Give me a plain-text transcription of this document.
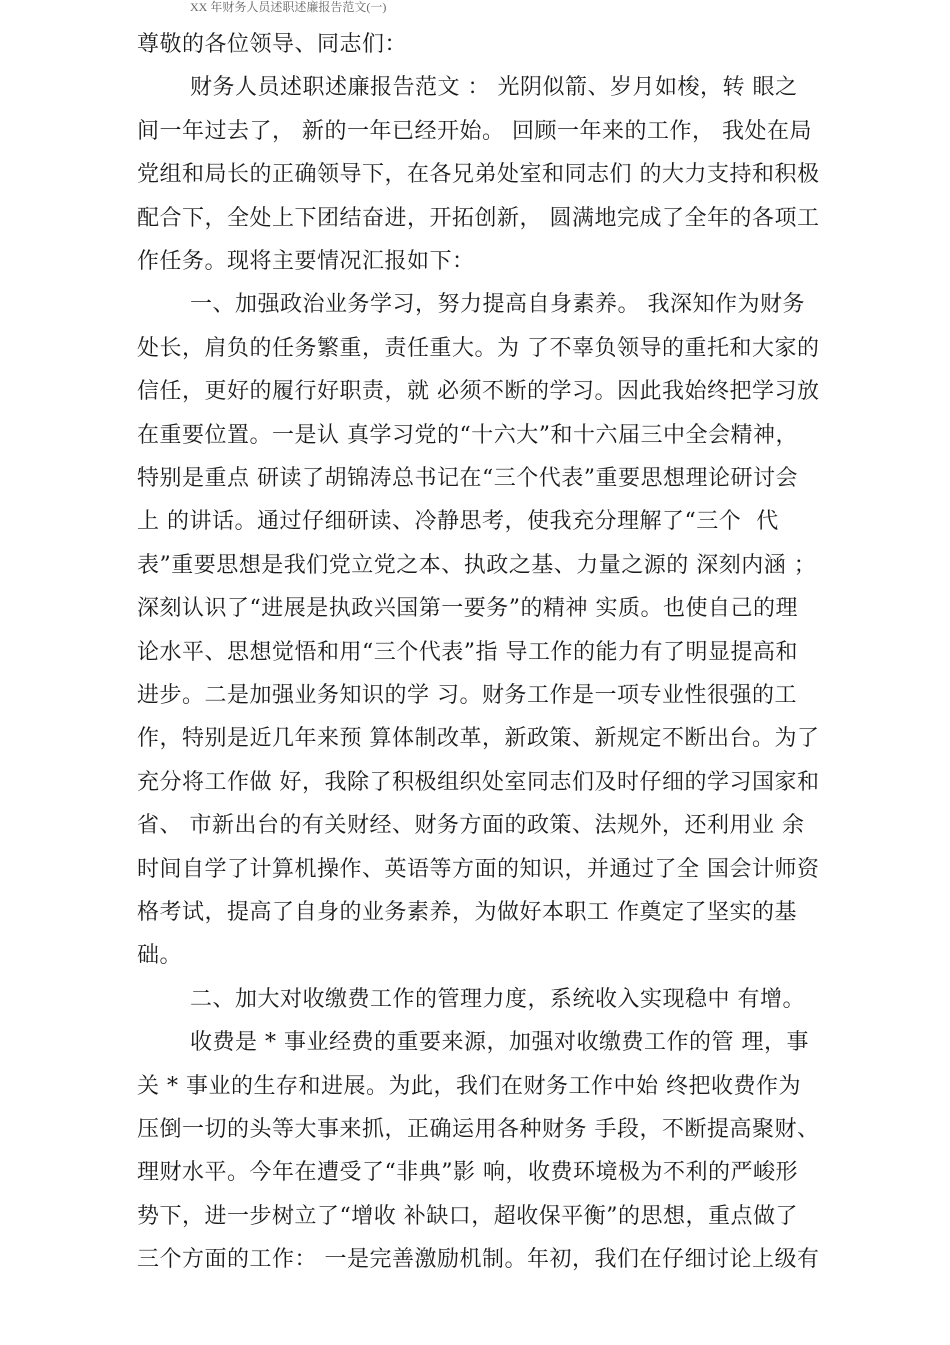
XX 年财务人员述职述廉报告范文(一)
尊敬的各位领导、同志们：
财务人员述职述廉报告范文 ： 光阴似箭、岁月如梭，转 眼之
间一年过去了， 新的一年已经开始。 回顾一年来的工作， 我处在局
党组和局长的正确领导下，在各兄弟处室和同志们 的大力支持和积极
配合下，全处上下团结奋进，开拓创新， 圆满地完成了全年的各项工
作任务。现将主要情况汇报如下：
一、加强政治业务学习，努力提高自身素养。 我深知作为财务
处长，肩负的任务繁重，责任重大。为 了不辜负领导的重托和大家的
信任，更好的履行好职责，就 必须不断的学习。因此我始终把学习放
在重要位置。一是认 真学习党的“十六大”和十六届三中全会精神，
特别是重点 研读了胡锦涛总书记在“三个代表”重要思想理论研讨会
上 的讲话。通过仔细研读、冷静思考，使我充分理解了“三个  代
表”重要思想是我们党立党之本、执政之基、力量之源的 深刻内涵 ；
深刻认识了“进展是执政兴国第一要务”的精神 实质。也使自己的理
论水平、思想觉悟和用“三个代表”指 导工作的能力有了明显提高和
进步。二是加强业务知识的学 习。财务工作是一项专业性很强的工
作，特别是近几年来预 算体制改革，新政策、新规定不断出台。为了
充分将工作做 好，我除了积极组织处室同志们及时仔细的学习国家和
省、 市新出台的有关财经、财务方面的政策、法规外，还利用业 余
时间自学了计算机操作、英语等方面的知识，并通过了全 国会计师资
格考试，提高了自身的业务素养，为做好本职工 作奠定了坚实的基
础。
二、加大对收缴费工作的管理力度，系统收入实现稳中 有增。
收费是 * 事业经费的重要来源，加强对收缴费工作的管 理，事
关 * 事业的生存和进展。为此，我们在财务工作中始 终把收费作为
压倒一切的头等大事来抓，正确运用各种财务 手段，不断提高聚财、
理财水平。今年在遭受了“非典”影 响，收费环境极为不利的严峻形
势下，进一步树立了“增收 补缺口，超收保平衡”的思想，重点做了
三个方面的工作： 一是完善激励机制。年初，我们在仔细讨论上级有
